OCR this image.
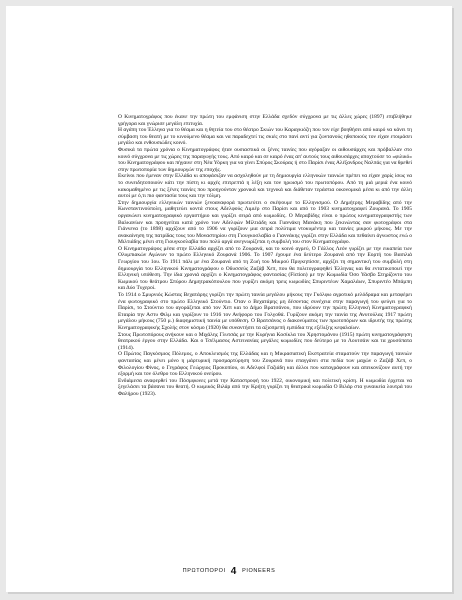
Ο Κινηματογράφος που έκανε την πρώτη του εμφάνιση στην Ελλάδα σχεδόν σύγχρονα με τις άλλες χώρες (1897) επιβλήθηκε γρήγορα και γνώρισε μεγάλη επιτυχία.

Η αγάπη του Έλληνα για το θέαμα και η θητεία του στο θέατρο Σκιών του Καραγκιόζη που τον είχε βοηθήσει από καιρό να κάνει τη σύμβαση του θεατή με το κινούμενο θέαμα και να παραδεχτεί τις σκιές στο πανί αντί για ζωντανούς ηθοποιούς τον είχαν ετοιμάσει μεγάλο και ενθουσιώδες κοινό.

Φυσικά τα πρώτα χρόνια ο Κινηματογράφος ήταν ουσιαστικά οι ξένες ταινίες που αγόραζαν οι αιθουσάρχες και πρόβαλλαν στο κοινό σύγχρονα με τις χώρες της παραγωγής τους. Από καιρό και σε καιρό ένας απ' αυτούς τους αιθουσάρχες αποχτούσε το «φιλικό» του Κινηματογράφου και πήγαινε στη Νέα Υόρκη για να γίνει Σπύρος Σκούρας ή στο Παρίσι ένας Αλέξανδρος Ναλπάς για να θρεθεί στην πρωτοπορία των δημιουργών της εποχής.

Εκείνοι που έμεναν στην Ελλάδα κι αποφάσιζαν να ασχοληθούν με τη δημιουργία ελληνικών ταινιών πρέπει να είχαν χαρίς ίσως να το συνειδητοποιούν κάτι την πίστη κι αρχές επιτρεπτά η λέξη και τον ηρωισμό του πρωτοπόρου. Από τη μιά μεριά ένα κοινό κακομαθημένο με τις ξένες ταινίες που προηγούνταν χρονικά και τεχνικά και διάθεταν τεράστια οικονομικά μέσα κι από την άλλη αυτοί με ό,τι πιο φαντασία τους και την τόλμη.

Στην δημιουργία ελληνικών ταινιών ξενοαναφορά πρωτιεύτει ο σκέψουμε το Ελληνισμού. Ο Δημήτρης Μεραβίδης από την Κωνσταντινούπολη, μαθητεύει κοντά στους Αδελφούς Λιμιέρ στο Παρίσι και από το 1903 κινηματογραφεί Ζουρανά. Το 1905 οργανώνει κινηματογραφικό εργαστήριο και γυρίζει σειρά από κωμωδίες. Ο Μεραβίδης είναι ο πρώτος κινηματογραφιστής των Βαλκανίων και προηγείται κατά χρόνο των Αδελφών Μίλτιάδη και Γιαννάκη Μανάκη που ξεκινώντας σαν φωτογράφοι στα Γιάννενα (το 1898) αρχίζουν από το 1906 να γυρίζουν μια σειρά πολύτιμα ντοκυμέντερ και ταινίες μικρού μήκους. Με την ανακαίνηση της πατρίδας τους του Μοναστηρίου στη Γιουγκοσλαβία ο Γιαννάκης γυρίζει στην Ελλάδα και πεθαίνει άγνωστος ενώ ο Μιλτιάδης μένει στη Γιουγκοσλαβία που πολύ αργά ανεγνωρίζεται η συμβολή του στον Κινηματογράφο.

Ο Κινηματογράφος μέσα στην Ελλάδα αρχίζει από το Ζουρανά, και το κοινό αγρεύ, Ο Γάλλος Λεόν γυρίζει με την εικαπεία των Ολυμπιακών Αγώνων το πρώτο Ελληνικό Ζουρανά 1906. Το 1907 έχουμε ένα δεύτερο Ζουρανά από την Εορτή του Βασιλιά Γεωργίου του 1ου. Το 1911 πάλι με ένα Ζουρανά από τη Ζωή του Μικρού Πριγκηπίσσε, αρχίζει τη σημαντική του συμβολή στη δημιουργία του Ελληνικού Κινηματογράφου ο Οδυσσεύς Ζαζάβ Χεπ, που θα πολιτογραφηθεί Έλληνας και θα εντατικοποιεί την Ελληνική υπόθεση. Την ίδια χρονιά αρχίζει ο Κινηματογράφος φαντασίας (Fiction) με την Κωμωδία Όσο Υάσβο Στηρίζοντο του Κωμικού του θεάτρου Σπύρου Δημητρακόπουλου που γυρίζει ακόμη τρεις κωμωδίες Σπυριντέων Χαμαλάων, Σπυριντέο Μπάμπη και Δύο Τυχεροί.

Το 1914 ο Σμυρνιός Κώστας Βεχατάρης γυρίζει την πρώτη ταινία μεγάλου μήκους την Γκόλφω αγροτικό μελόδραμα και μεταφέρει ένα φωτογραφικό στο πρώτο Ελληνικό Στούντιο. Όταν ο Βεχατάρης μη δέσοντας συνέχεια στην παραγωγή του φεύγει για το Παρίσι, το Στούντιο του αγοράζεται από τον Χεπ και το Δήμο Βρατσάνου, που ιδρύουν την πρώτη Ελληνική Κινηματογραφική Εταιρία την Αστυ Φιλμ και γυρίζουν το 1916 τον Ανήφορο του Γολγοθά. Γυρίζουν ακόμη την ταινία της Ανυτούλας 1917 πρώτη μεγάλου μήκους (750 μ.) διαφημιστική ταινία με υπόθεση. Ο Βρατσάνος ο διακονύματος των πρωτοπόρων και ιδρυτής της πρώτης Κινηματογραφικής Σχολής στον κόσμο (1920) θα συναντήσει τα αξιοπρεπή εμπόδια της εξέλιξης κεφαλαίων.

Στους Πρωτοπόρους ανήκουν και ο Μιχάλης Γλυτσάς με την Κυρήνια Κοσίκλα του Χρηστομάνου (1915) πρώτη κινηματογράφηση θεατρικού έργου στην Ελλάδα. Και ο Τσέλμασος Αστεινανίας μεγάλες κωμωδίες που δεύτερο με το Λουτσάιν και τα χρυσόπατα (1914).

Ο Πρώτος Παγκόσμιος Πόλεμος, ο Αποκλεισμός της Ελλάδας και η Μικρασιατική Εκστρατεία σταματούν την παραγωγή ταινιών φαντασίας και μένει μόνο η μάρτυρική προσμαρτύρηση του Ζουρανά που επαγγάνει στα πεδία των μαχών ο Ζαζάβ Χεπ, ο Φιλολογίου Φίνος, ο Γεγράφος Γεώργιος Προκοπίου, οι Αδελφοί Γαζιάδη και άλλοι που καταγράφουν και απεικονίζουν αυτή την εξορμή και τον όλεθρο του Ελληνικού ονείρου.

Ενδιάμεσα αναφερθεί του Πόσμφωνες μετά την Καταστροφή του 1922, οικονομική και πολιτική κρίση. Η κωμωδία έρχεται να ξεγελάσει τα βάσανα του θεατή. Ο κωμικός Βιλάρ από την Κρήτη γυρίζει τη θεατρικά κωμωδία Ο Βιλάρ στα γυναικεία λουτρά του Φαλήρου (1923).

ΠΡΩΤΟΠΟΡΟΙ 4 PIONEERS
